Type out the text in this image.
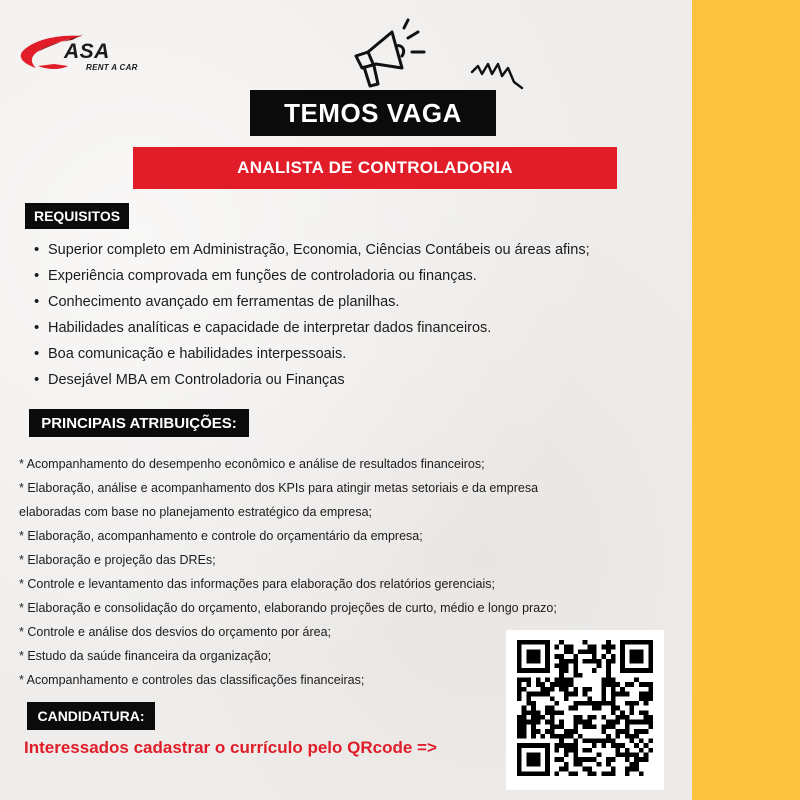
ASA
RENT A CAR
TEMOS VAGA
ANALISTA DE CONTROLADORIA
REQUISITOS
• Superior completo em Administração, Economia, Ciências Contábeis ou áreas afins;
• Experiência comprovada em funções de controladoria ou finanças.
• Conhecimento avançado em ferramentas de planilhas.
• Habilidades analíticas e capacidade de interpretar dados financeiros.
• Boa comunicação e habilidades interpessoais.
• Desejável MBA em Controladoria ou Finanças
PRINCIPAIS ATRIBUIÇÕES:
* Acompanhamento do desempenho econômico e análise de resultados financeiros;
* Elaboração, análise e acompanhamento dos KPIs para atingir metas setoriais e da empresa
elaboradas com base no planejamento estratégico da empresa;
* Elaboração, acompanhamento e controle do orçamentário da empresa;
* Elaboração e projeção das DREs;
* Controle e levantamento das informações para elaboração dos relatórios gerenciais;
* Elaboração e consolidação do orçamento, elaborando projeções de curto, médio e longo prazo;
* Controle e análise dos desvios do orçamento por área;
* Estudo da saúde financeira da organização;
* Acompanhamento e controles das classificações financeiras;
CANDIDATURA:
Interessados cadastrar o currículo pelo QRcode =>
